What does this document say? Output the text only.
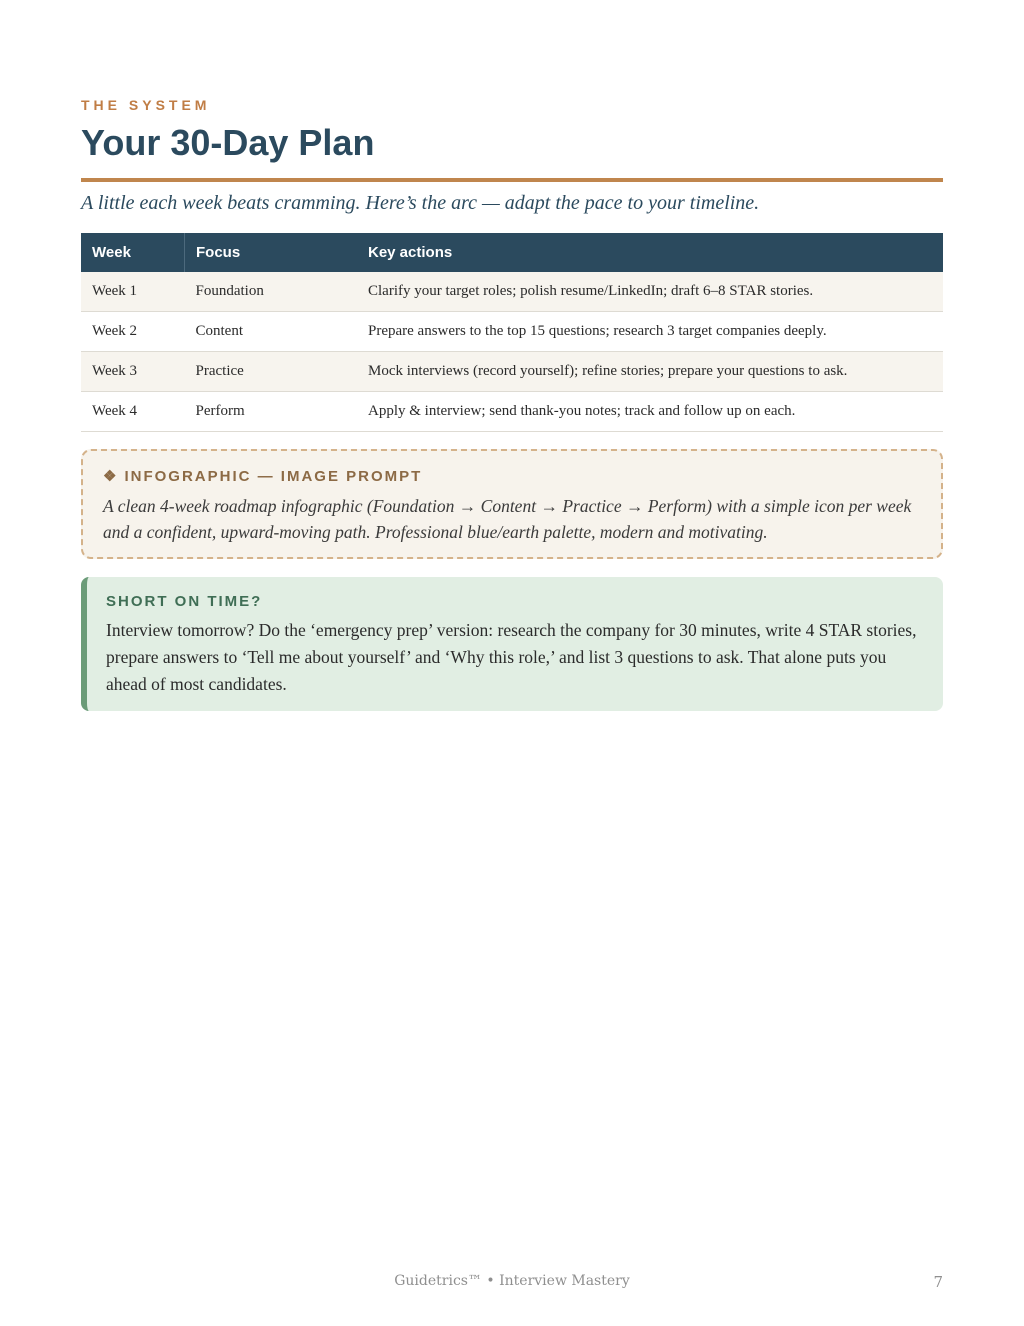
THE SYSTEM
Your 30-Day Plan
A little each week beats cramming. Here’s the arc — adapt the pace to your timeline.
Week	Focus	Key actions
Week 1	Foundation	Clarify your target roles; polish resume/LinkedIn; draft 6–8 STAR stories.
Week 2	Content	Prepare answers to the top 15 questions; research 3 target companies deeply.
Week 3	Practice	Mock interviews (record yourself); refine stories; prepare your questions to ask.
Week 4	Perform	Apply & interview; send thank-you notes; track and follow up on each.
❖ INFOGRAPHIC — IMAGE PROMPT
A clean 4-week roadmap infographic (Foundation → Content → Practice → Perform) with a simple icon per week and a confident, upward-moving path. Professional blue/earth palette, modern and motivating.
SHORT ON TIME?
Interview tomorrow? Do the ‘emergency prep’ version: research the company for 30 minutes, write 4 STAR stories, prepare answers to ‘Tell me about yourself’ and ‘Why this role,’ and list 3 questions to ask. That alone puts you ahead of most candidates.
Guidetrics™ • Interview Mastery	7
